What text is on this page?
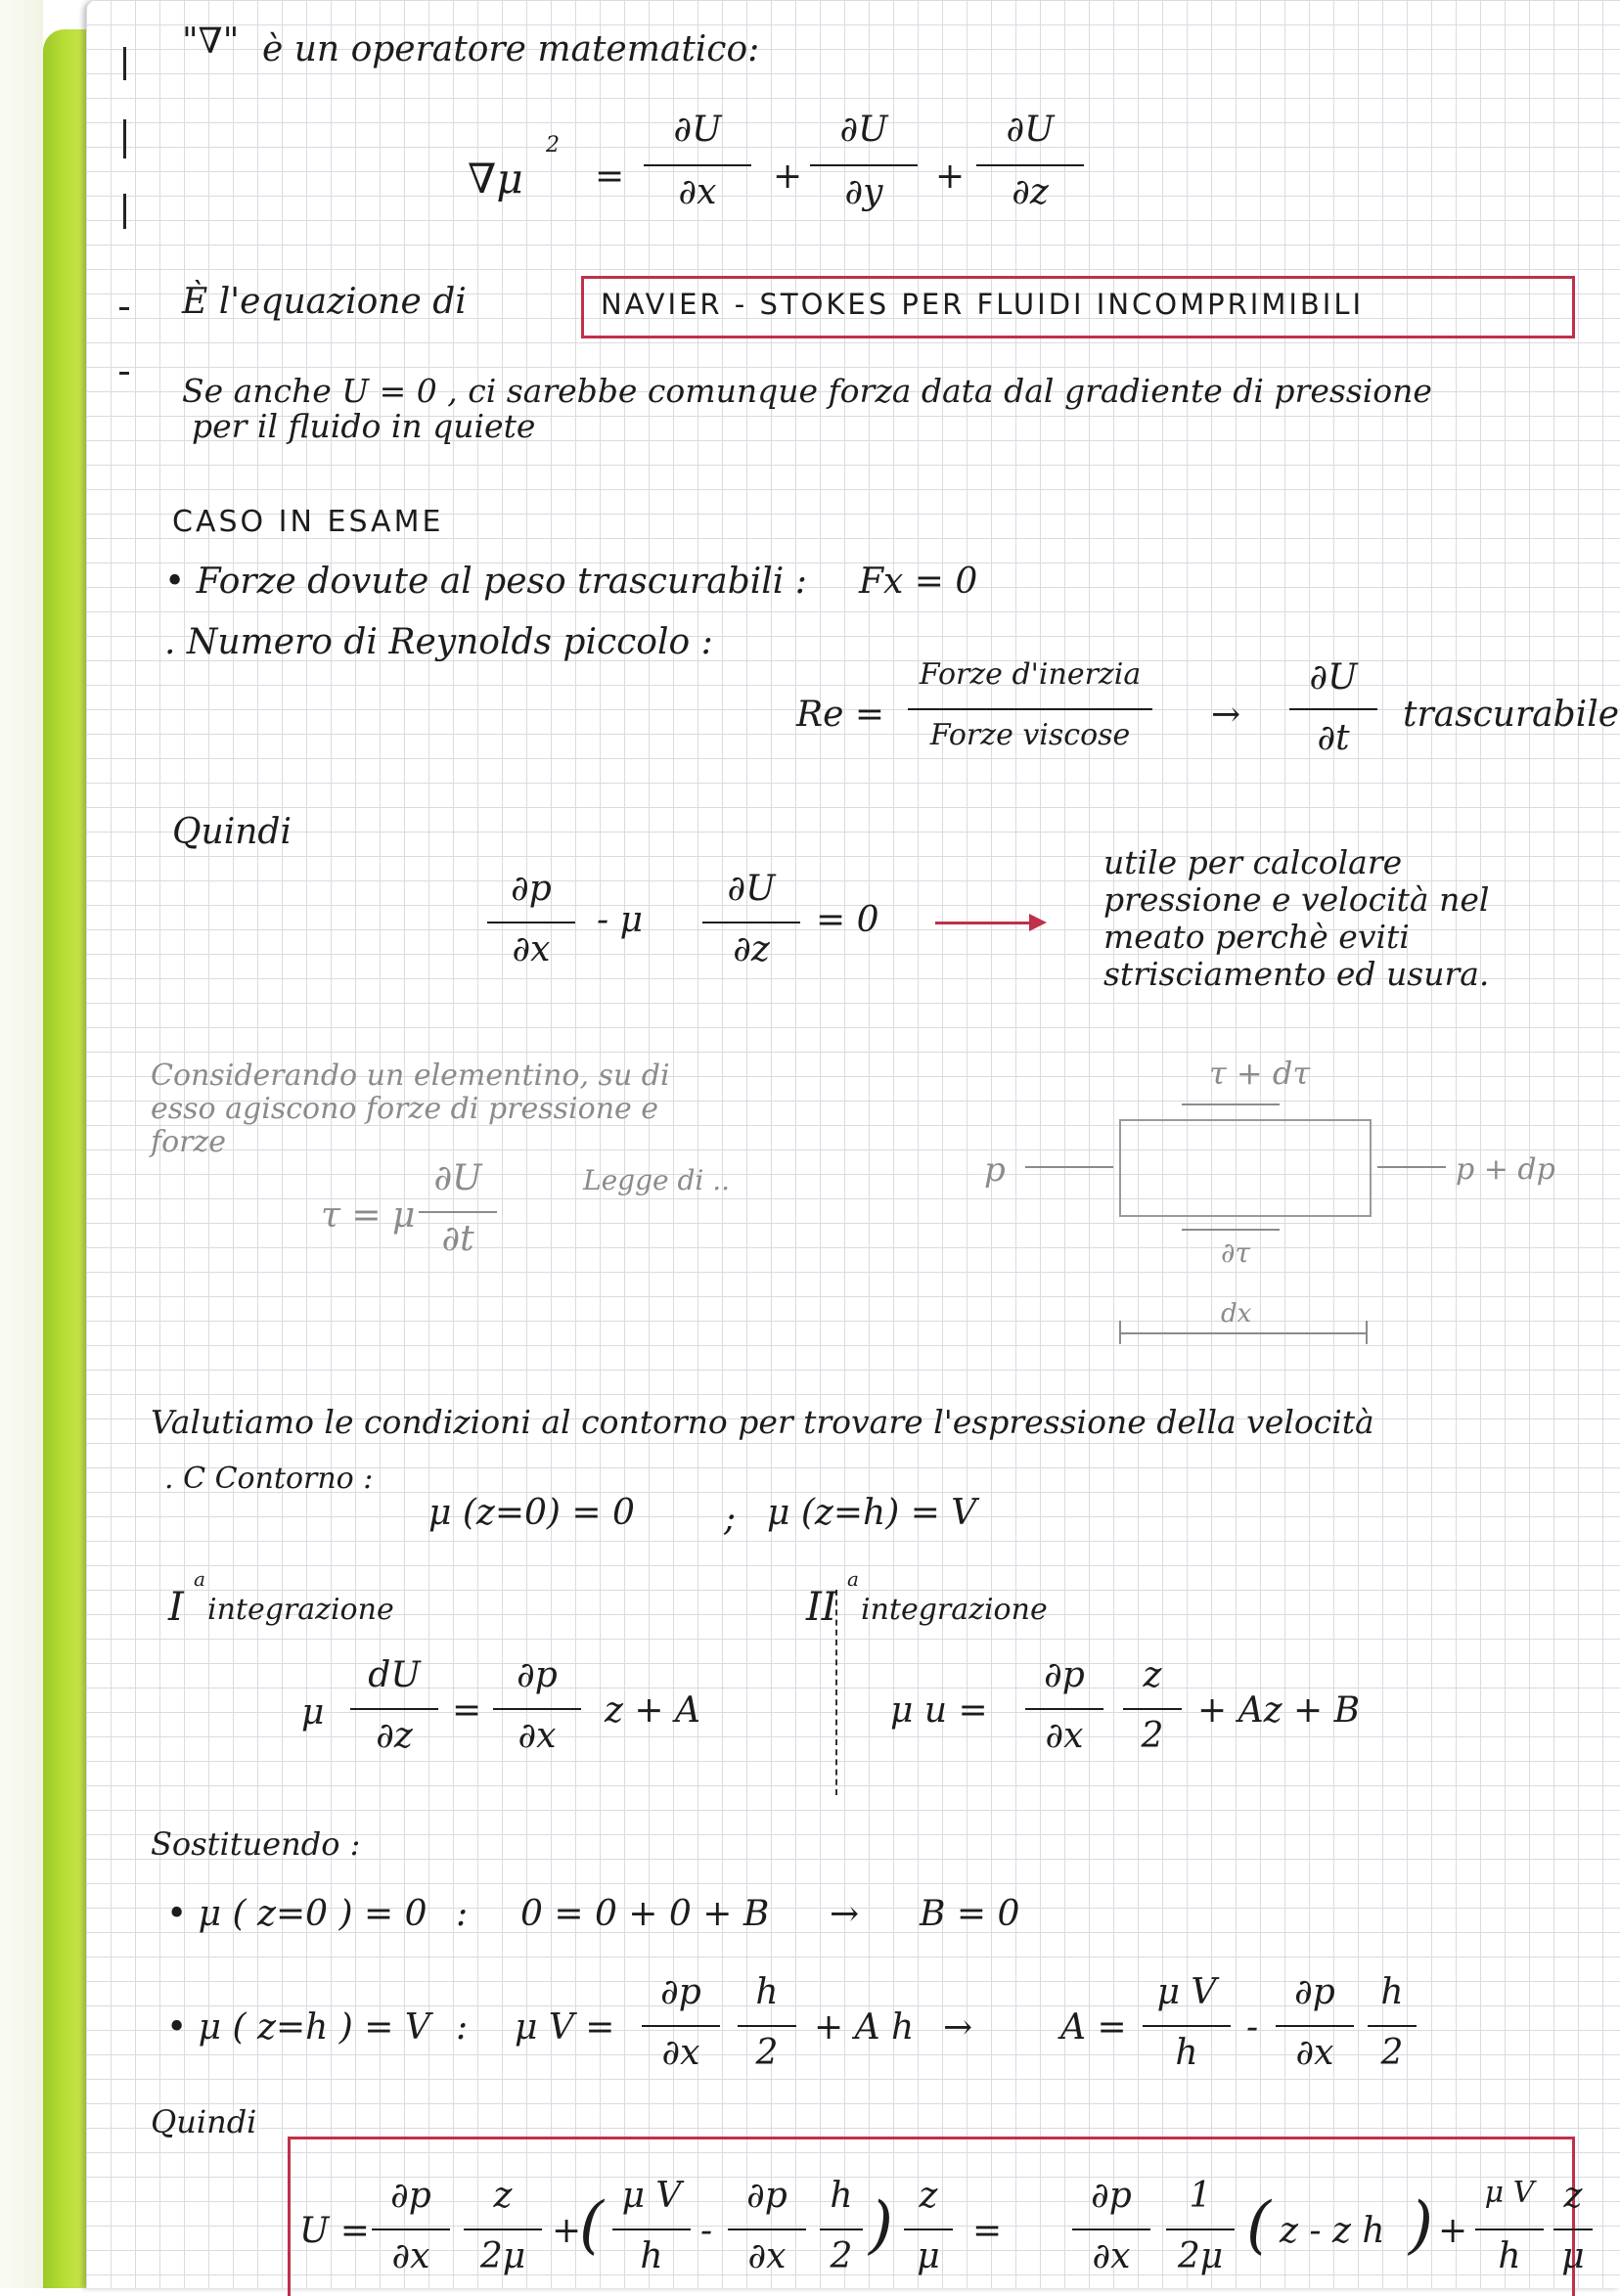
"∇" è un operatore matematico:
∇μ
2
=
∂U
∂x	+
∂U
∂y	+
∂U
∂z
È l'equazione di	NAVIER - STOKES PER FLUIDI INCOMPRIMIBILI
Se anche U = 0 , ci sarebbe comunque forza data dal gradiente di pressione
per il fluido in quiete
CASO IN ESAME
• Forze dovute al peso trascurabili : Fx = 0
. Numero di Reynolds piccolo :
Re =
Forze d'inerzia
Forze viscose
→
∂U
∂t
trascurabile
Quindi
∂p
∂x
- μ
∂U
∂z
= 0
utile per calcolare
pressione e velocità nel
meato perchè eviti
strisciamento ed usura.
Considerando un elementino, su di
esso agiscono forze di pressione e
forze
τ = μ
∂U
∂t
Legge di ..	p	p + dp
τ + dτ
∂τ
dx
Valutiamo le condizioni al contorno per trovare l'espressione della velocità
. C Contorno :
μ (z=0) = 0	; μ (z=h) = V
I
a
integrazione
μ
dU
∂z
=
∂p
∂x
z + A
II
a
integrazione
μ u =
∂p
∂x
z
2
+ Az + B
Sostituendo :
• μ ( z=0 ) = 0 : 0 = 0 + 0 + B → B = 0
• μ ( z=h ) = V : μ V =
∂p
∂x
h
2
+ A h → A =
μ V
h
-
∂p
∂x
h
2
Quindi
U =
∂p
∂x
z
2μ
+
( μ V
h
-
∂p
∂x
h
2 ) z
μ
=
∂p
∂x
1
2μ ( z - z h ) +
μ V
h
z
μ
